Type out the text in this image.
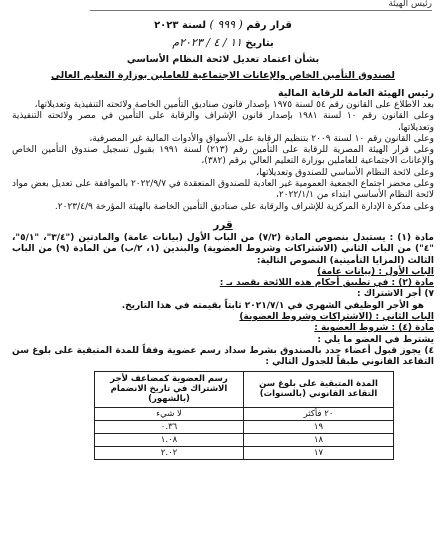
رئيس الهيئة
قرار رقم ( ٩٩٩ ) لسنة ٢٠٢٣
بتاريخ ١١ / ٤ / ٢٠٢٣م
بشأن اعتماد تعديل لائحة النظام الأساسي
لصندوق التأمين الخاص والإعانات الاجتماعية للعاملين بوزارة التعليم العالي
رئيس الهيئة العامة للرقابة المالية
بعد الاطلاع على القانون رقم ٥٤ لسنة ١٩٧٥ بإصدار قانون صناديق التأمين الخاصة ولائحته التنفيذية وتعديلاتها،
وعلى القانون رقم ١٠ لسنة ١٩٨١ بإصدار قانون الإشراف والرقابة على التأمين في مصر ولائحته التنفيذية وتعديلاتها،
وعلى القانون رقم ١٠ لسنة ٢٠٠٩ بتنظيم الرقابة على الأسواق والأدوات المالية غير المصرفية،
وعلى قرار الهيئة المصرية للرقابة على التأمين رقم (٢١٣) لسنة ١٩٩١ بقبول تسجيل صندوق التأمين الخاص والإعانات الاجتماعية للعاملين بوزارة التعليم العالي برقم (٣٨٢)،
وعلى لائحة النظام الأساسي للصندوق وتعديلاتها،
وعلى محضر اجتماع الجمعية العمومية غير العادية للصندوق المنعقدة في ٢٠٢٢/٩/٧ بالموافقة على تعديل بعض مواد لائحة النظام الأساسي ابتداء من ٢٠٢٢/١/١،
وعلى مذكرة الإدارة المركزية للإشراف والرقابة على صناديق التأمين الخاصة بالهيئة المؤرخة ٢٠٢٣/٤/٩.
قرر
مادة (١) : يستبدل بنصوص المادة (٧/٢) من الباب الأول (بيانات عامة) والمادتين ("٣/٤"، "٥/١"، "٤") من الباب الثاني (الاشتراكات وشروط العضوية) والبندين (١، ٢/ب) من المادة (٩) من الباب الثالث (المزايا التأمينية) النصوص التالية:
الباب الأول : (بيانات عامة)
مادة (٢) : في تطبيق أحكام هذه اللائحة يقصد بـ :
٧) أجر الاشتراك :
هو الأجر الوظيفي الشهري في ٢٠٢١/٧/١ ثابتاً بقيمته في هذا التاريخ.
الباب الثاني : (الاشتراكات وشروط العضوية)
مادة (٤) : شروط العضوية :
يشترط في العضو ما يلي :
٤) يجوز قبول أعضاء جدد بالصندوق بشرط سداد رسم عضوية وفقاً للمدة المتبقية على بلوغ سن التقاعد القانوني طبقاً للجدول التالي :
المدة المتبقية على بلوغ سن التقاعد القانوني (بالسنوات)	رسم العضوية كمضاعف لأجر الاشتراك في تاريخ الانضمام (بالشهور)
٢٠ فأكثر	لا شيء
١٩	٠.٣٦
١٨	١.٠٨
١٧	٢.٠٢
